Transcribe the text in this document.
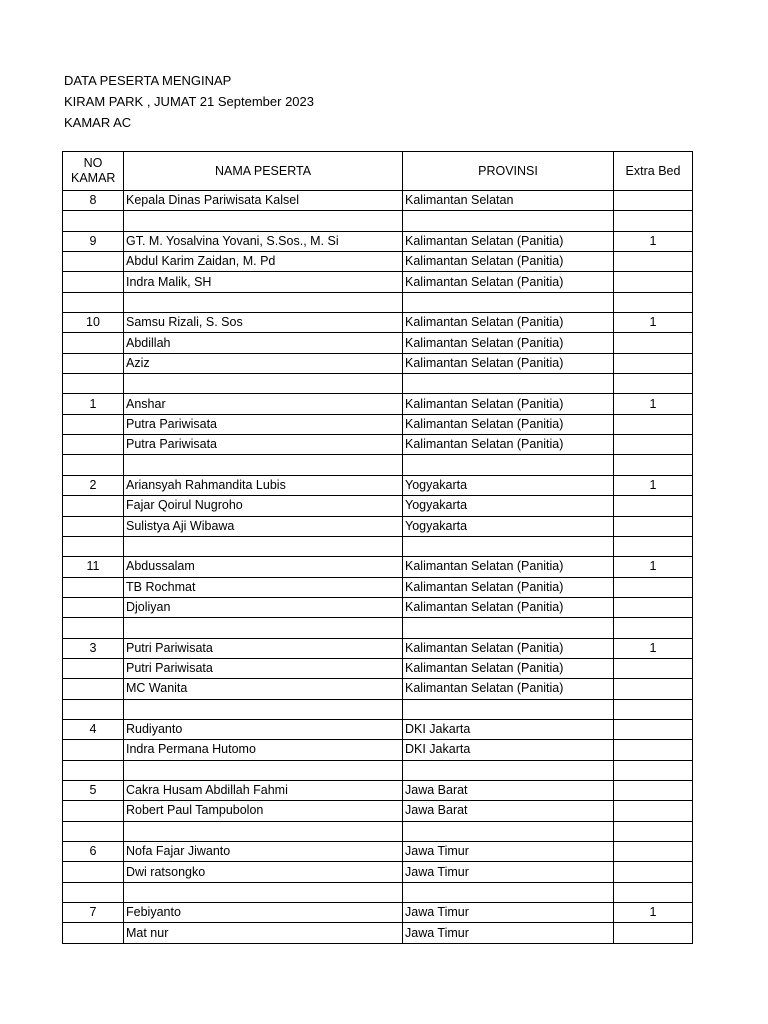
DATA PESERTA MENGINAP
KIRAM PARK , JUMAT 21 September 2023
KAMAR AC
NO KAMAR	NAMA PESERTA	PROVINSI	Extra Bed
8	Kepala Dinas Pariwisata Kalsel	Kalimantan Selatan	

9	GT. M. Yosalvina Yovani, S.Sos., M. Si	Kalimantan Selatan (Panitia)	1
	Abdul Karim Zaidan, M. Pd	Kalimantan Selatan (Panitia)	
	Indra Malik, SH	Kalimantan Selatan (Panitia)	

10	Samsu Rizali, S. Sos	Kalimantan Selatan (Panitia)	1
	Abdillah	Kalimantan Selatan (Panitia)	
	Aziz	Kalimantan Selatan (Panitia)	

1	Anshar	Kalimantan Selatan (Panitia)	1
	Putra Pariwisata	Kalimantan Selatan (Panitia)	
	Putra Pariwisata	Kalimantan Selatan (Panitia)	

2	Ariansyah Rahmandita Lubis	Yogyakarta	1
	Fajar Qoirul Nugroho	Yogyakarta	
	Sulistya Aji Wibawa	Yogyakarta	

11	Abdussalam	Kalimantan Selatan (Panitia)	1
	TB Rochmat	Kalimantan Selatan (Panitia)	
	Djoliyan	Kalimantan Selatan (Panitia)	

3	Putri Pariwisata	Kalimantan Selatan (Panitia)	1
	Putri Pariwisata	Kalimantan Selatan (Panitia)	
	MC Wanita	Kalimantan Selatan (Panitia)	

4	Rudiyanto	DKI Jakarta	
	Indra Permana Hutomo	DKI Jakarta	

5	Cakra Husam Abdillah Fahmi	Jawa Barat	
	Robert Paul Tampubolon	Jawa Barat	

6	Nofa Fajar Jiwanto	Jawa Timur	
	Dwi ratsongko	Jawa Timur	

7	Febiyanto	Jawa Timur	1
	Mat nur	Jawa Timur	
